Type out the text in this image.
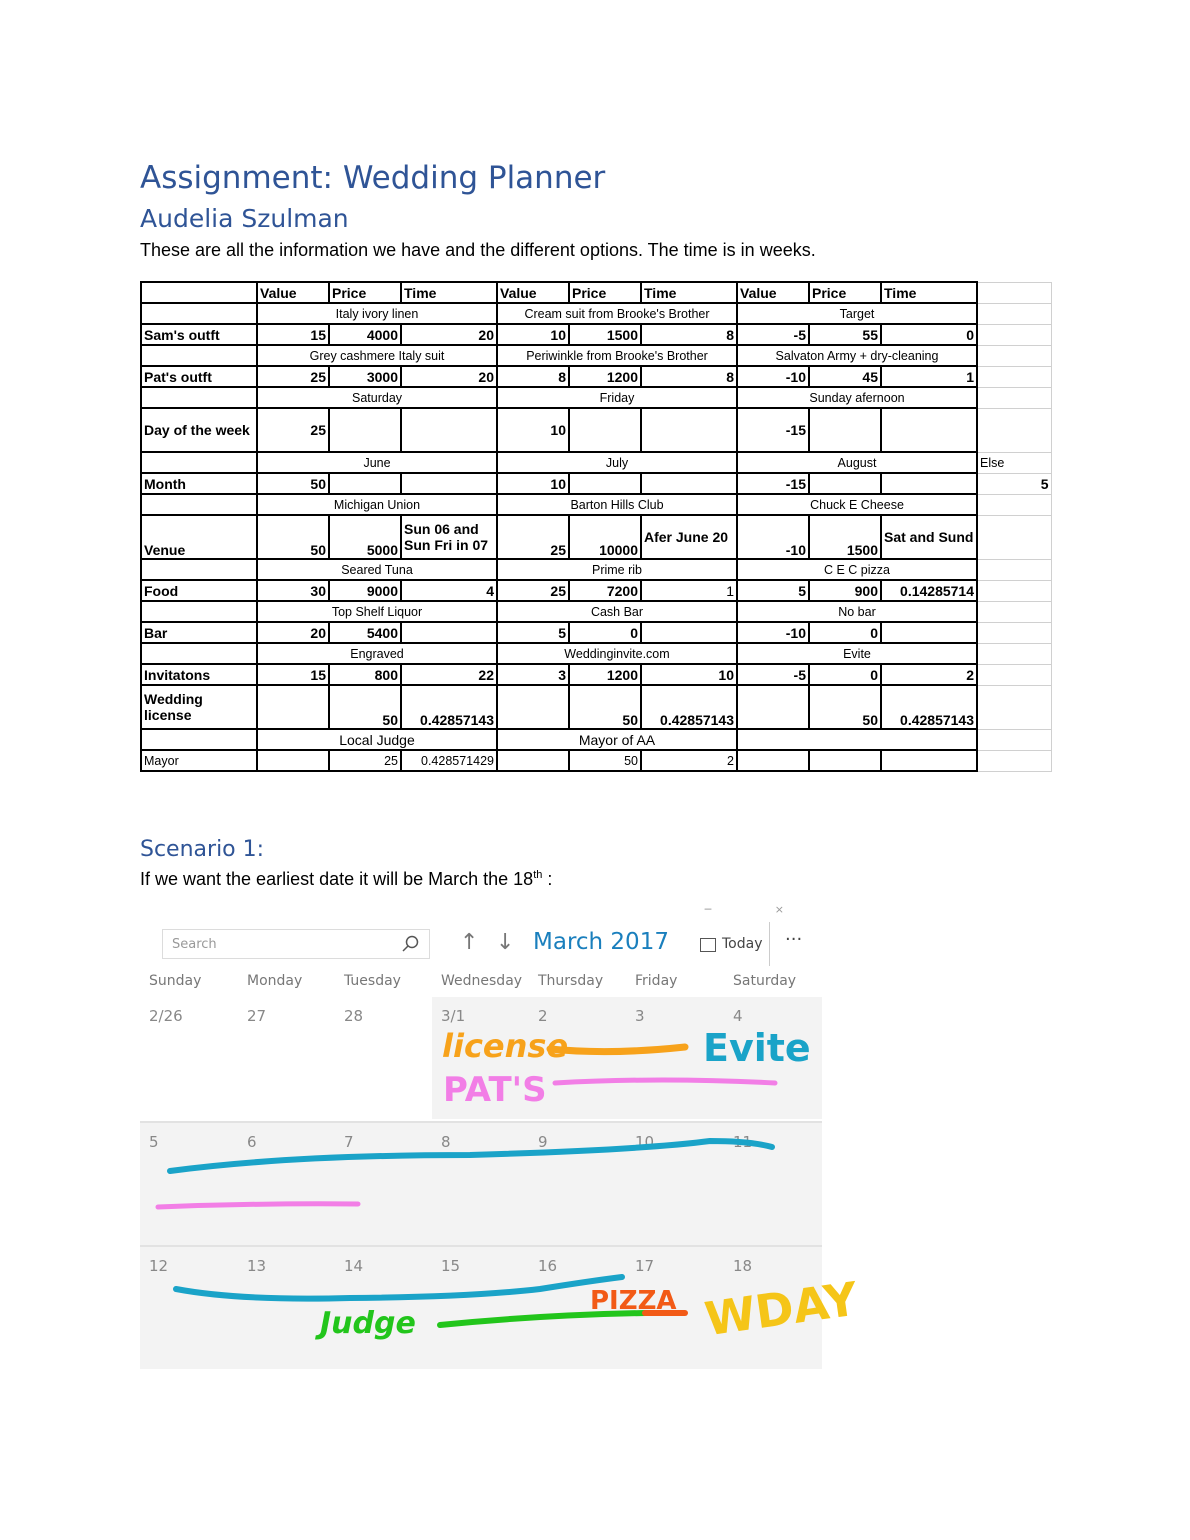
Assignment: Wedding Planner
Audelia Szulman
These are all the information we have and the different options. The time is in weeks.
	Value	Price	Time	Value	Price	Time	Value	Price	Time	
	Italy ivory linen			Cream suit from Brooke's Brother			Target			
Sam's outft	15	4000	20	10	1500	8	-5	55	0	
	Grey cashmere Italy suit			Periwinkle from Brooke's Brother			Salvaton Army + dry-cleaning			
Pat's outft	25	3000	20	8	1200	8	-10	45	1	
	Saturday			Friday			Sunday afernoon			
Day of the week	25			10			-15			
	June			July			August			Else
Month	50			10			-15			5
	Michigan Union			Barton Hills Club			Chuck E Cheese			
Venue	50	5000	Sun 06 and Sun Fri in 07	25	10000	Afer June 20	-10	1500	Sat and Sund	
	Seared Tuna			Prime rib			C E C pizza			
Food	30	9000	4	25	7200	1	5	900	0.14285714	
	Top Shelf Liquor			Cash Bar			No bar			
Bar	20	5400		5	0		-10	0		
	Engraved			Weddinginvite.com			Evite			
Invitatons	15	800	22	3	1200	10	-5	0	2	
Wedding license		50	0.42857143		50	0.42857143		50	0.42857143	
	Local Judge			Mayor of AA						
Mayor		25	0.428571429		50	2				
Scenario 1:
If we want the earliest date it will be March the 18th :
─ ×
Search	↑ ↓ March 2017	Today ···
Sunday	Monday	Tuesday	Wednesday Thursday Friday	Saturday
2/26	27	28	3/1	2	3	4
5	6	7	8	9	10	11
12	13	14	15	16	17	18
license	Evite
PAT'S
Judge
PIZZA WDAY
